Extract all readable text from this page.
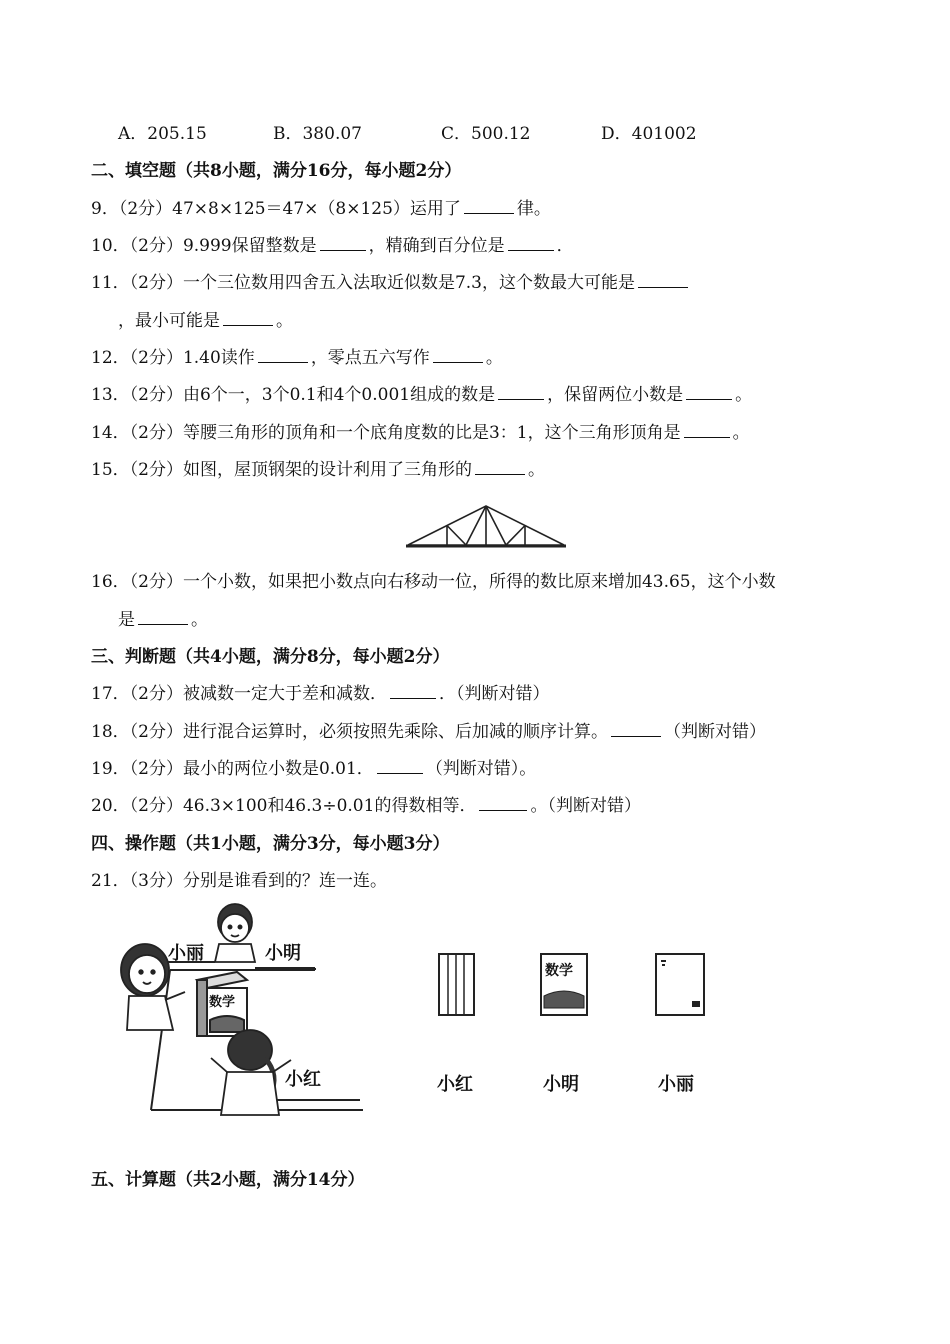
A．205.15	B．380.07	C．500.12	D．401002
二、填空题（共8小题，满分16分，每小题2分）
9．（2分）47×8×125＝47×（8×125）运用了	律。
10．（2分）9.999保留整数是	，精确到百分位是	．
11．（2分）一个三位数用四舍五入法取近似数是7.3，这个数最大可能是
，最小可能是	。
12．（2分）1.40读作	，零点五六写作	。
13．（2分）由6个一，3个0.1和4个0.001组成的数是	，保留两位小数是	。
14．（2分）等腰三角形的顶角和一个底角度数的比是3：1，这个三角形顶角是	。
15．（2分）如图，屋顶钢架的设计利用了三角形的	。
16．（2分）一个小数，如果把小数点向右移动一位，所得的数比原来增加43.65，这个小数
是	。
三、判断题（共4小题，满分8分，每小题2分）
17．（2分）被减数一定大于差和减数．	．（判断对错）
18．（2分）进行混合运算时，必须按照先乘除、后加减的顺序计算。	（判断对错）
19．（2分）最小的两位小数是0.01．	（判断对错）。
20．（2分）46.3×100和46.3÷0.01的得数相等．	。（判断对错）
四、操作题（共1小题，满分3分，每小题3分）
21．（3分）分别是谁看到的？连一连。
小丽	小明
小红
数学
数学
小红	小明	小丽
五、计算题（共2小题，满分14分）
